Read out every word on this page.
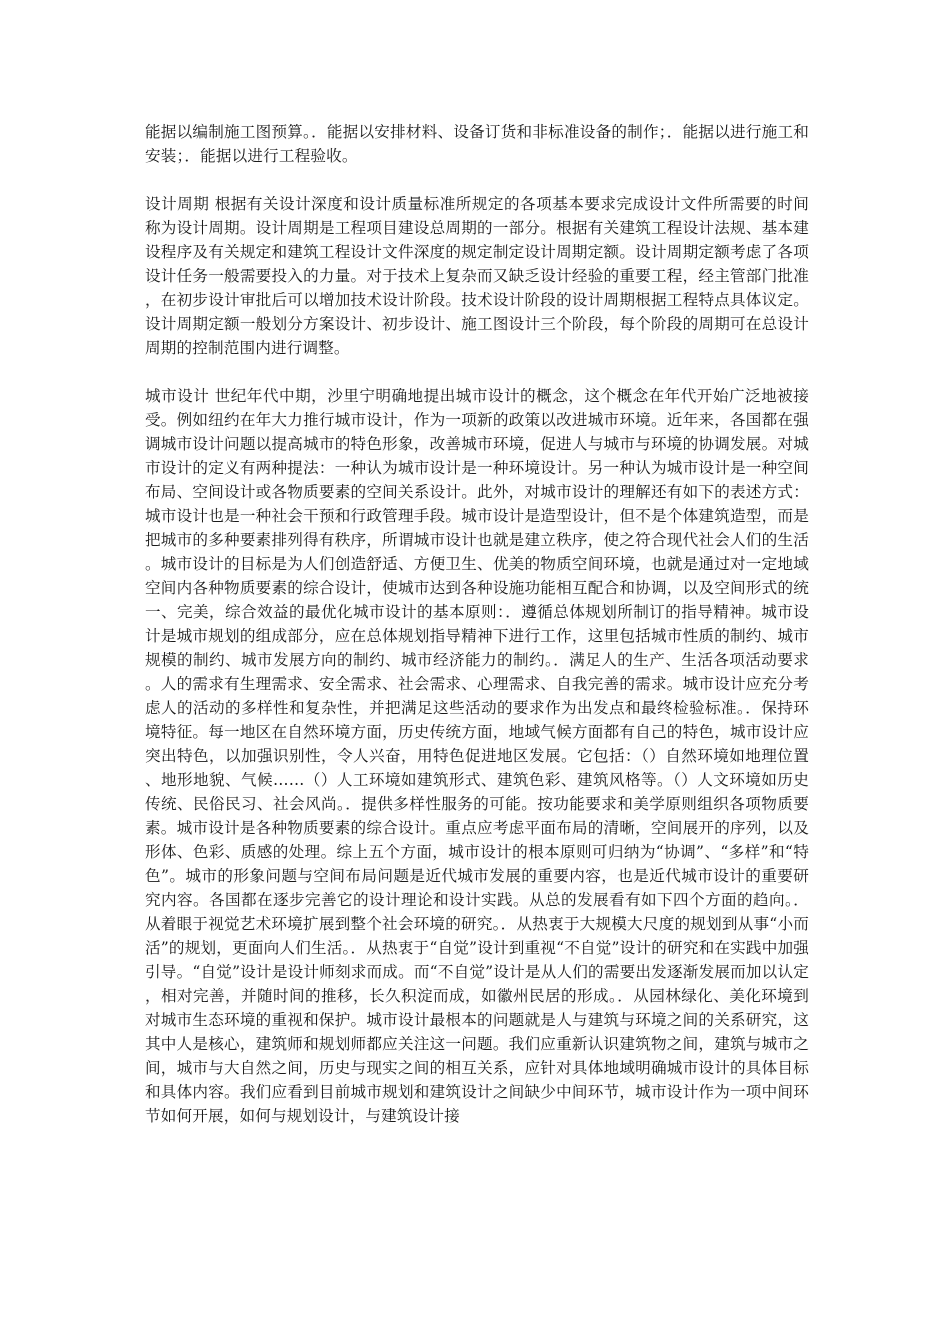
能据以编制施工图预算。．能据以安排材料、设备订货和非标准设备的制作；．能据以进行施工和安装；．能据以进行工程验收。

设计周期 根据有关设计深度和设计质量标准所规定的各项基本要求完成设计文件所需要的时间称为设计周期。设计周期是工程项目建设总周期的一部分。根据有关建筑工程设计法规、基本建设程序及有关规定和建筑工程设计文件深度的规定制定设计周期定额。设计周期定额考虑了各项设计任务一般需要投入的力量。对于技术上复杂而又缺乏设计经验的重要工程，经主管部门批准，在初步设计审批后可以增加技术设计阶段。技术设计阶段的设计周期根据工程特点具体议定。设计周期定额一般划分方案设计、初步设计、施工图设计三个阶段，每个阶段的周期可在总设计周期的控制范围内进行调整。

城市设计 世纪年代中期，沙里宁明确地提出城市设计的概念，这个概念在年代开始广泛地被接受。例如纽约在年大力推行城市设计，作为一项新的政策以改进城市环境。近年来，各国都在强调城市设计问题以提高城市的特色形象，改善城市环境，促进人与城市与环境的协调发展。对城市设计的定义有两种提法：一种认为城市设计是一种环境设计。另一种认为城市设计是一种空间布局、空间设计或各物质要素的空间关系设计。此外，对城市设计的理解还有如下的表述方式：城市设计也是一种社会干预和行政管理手段。城市设计是造型设计，但不是个体建筑造型，而是把城市的多种要素排列得有秩序，所谓城市设计也就是建立秩序，使之符合现代社会人们的生活。城市设计的目标是为人们创造舒适、方便卫生、优美的物质空间环境，也就是通过对一定地域空间内各种物质要素的综合设计，使城市达到各种设施功能相互配合和协调，以及空间形式的统一、完美，综合效益的最优化城市设计的基本原则：．遵循总体规划所制订的指导精神。城市设计是城市规划的组成部分，应在总体规划指导精神下进行工作，这里包括城市性质的制约、城市规模的制约、城市发展方向的制约、城市经济能力的制约。．满足人的生产、生活各项活动要求。人的需求有生理需求、安全需求、社会需求、心理需求、自我完善的需求。城市设计应充分考虑人的活动的多样性和复杂性，并把满足这些活动的要求作为出发点和最终检验标准。．保持环境特征。每一地区在自然环境方面，历史传统方面，地域气候方面都有自己的特色，城市设计应突出特色，以加强识别性，令人兴奋，用特色促进地区发展。它包括：（）自然环境如地理位置、地形地貌、气候……（）人工环境如建筑形式、建筑色彩、建筑风格等。（）人文环境如历史传统、民俗民习、社会风尚。．提供多样性服务的可能。按功能要求和美学原则组织各项物质要素。城市设计是各种物质要素的综合设计。重点应考虑平面布局的清晰，空间展开的序列，以及形体、色彩、质感的处理。综上五个方面，城市设计的根本原则可归纳为“协调”、“多样”和“特色”。城市的形象问题与空间布局问题是近代城市发展的重要内容，也是近代城市设计的重要研究内容。各国都在逐步完善它的设计理论和设计实践。从总的发展看有如下四个方面的趋向。．从着眼于视觉艺术环境扩展到整个社会环境的研究。．从热衷于大规模大尺度的规划到从事“小而活”的规划，更面向人们生活。．从热衷于“自觉”设计到重视“不自觉”设计的研究和在实践中加强引导。“自觉”设计是设计师刻求而成。而“不自觉”设计是从人们的需要出发逐渐发展而加以认定，相对完善，并随时间的推移，长久积淀而成，如徽州民居的形成。．从园林绿化、美化环境到对城市生态环境的重视和保护。城市设计最根本的问题就是人与建筑与环境之间的关系研究，这其中人是核心，建筑师和规划师都应关注这一问题。我们应重新认识建筑物之间，建筑与城市之间，城市与大自然之间，历史与现实之间的相互关系，应针对具体地域明确城市设计的具体目标和具体内容。我们应看到目前城市规划和建筑设计之间缺少中间环节，城市设计作为一项中间环节如何开展，如何与规划设计，与建筑设计接
